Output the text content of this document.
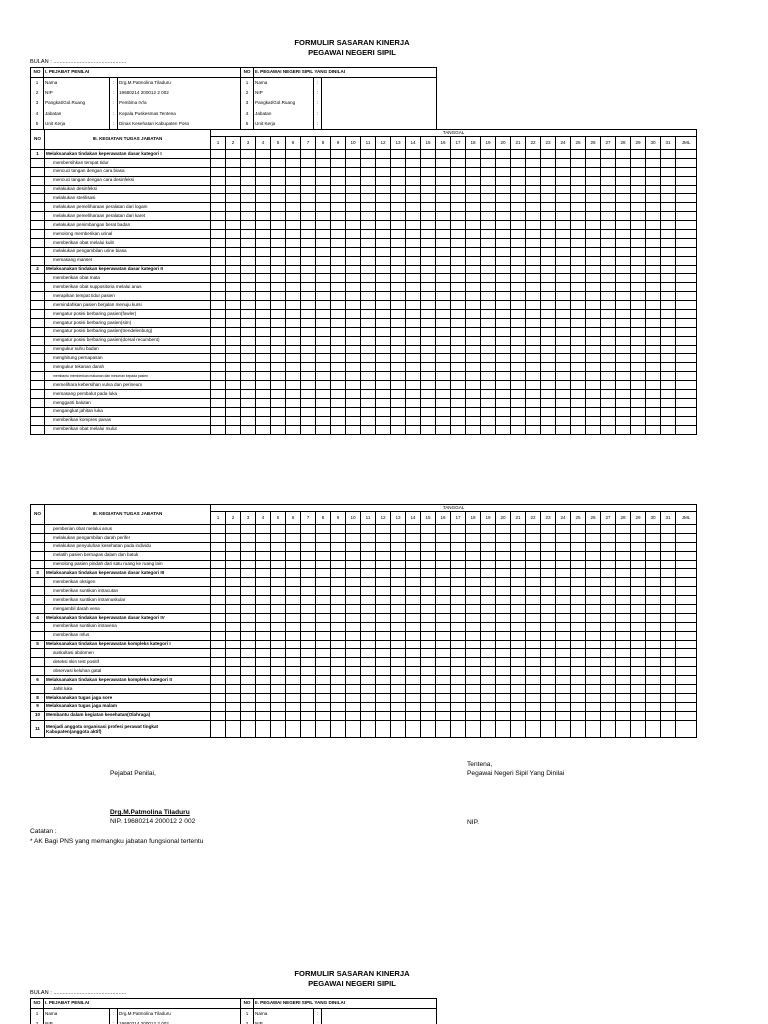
FORMULIR SASARAN KINERJA
PEGAWAI NEGERI SIPIL
BULAN : ...............................................
NO	I. PEJABAT PENILAI			NO	II. PEGAWAI NEGERI SIPIL YANG DINILAI		
1	Nama	:	Drg.M.Patmolina Tiladuru	1	Nama	:	
2	NIP	:	19680214 200012 2 002	2	NIP	:	
3	Pangkat/Gol.Ruang	:	Pembina IV/a	3	Pangkat/Gol.Ruang	:	
4	Jabatan	:	Kepala Puskesmas Tentena	4	Jabatan	:	
5	Unit Kerja	:	Dinas Kesehatan Kabupaten Poso	5	Unit Kerja	:	
NO	III. KEGIATAN TUGAS JABATAN	TANGGAL																															
		1	2	3	4	5	6	7	8	9	10	11	12	13	14	15	16	17	18	19	20	21	22	23	24	25	26	27	28	29	30	31	JML
1	Melaksanakan tindakan keperawatan dasar kategori I																																
	membersihkan tempat tidur																																
	mencuci tangan dengan cara biasa																																
	mencuci tangan dengan cara desinfeksi																																
	melakukan desinfeksi																																
	melakukan sterilisasi																																
	melakukan pemeliharaan peralatan dari logam																																
	melakukan pemeliharaan peralatan dari karet																																
	melakukan penimbangan berat badan																																
	menolong memberikan urinal																																
	memberikan obat melalui kulit																																
	melakukan pengambilan urine biasa																																
	memasang manset																																
2	Melaksanakan tindakan keperawatan dasar kategori II																																
	memberikan obat mata																																
	memberikan obat suppositoria melalui anus																																
	merapikan tempat tidur pasien																																
	memindahkan pasien berjalan menuju kursi																																
	mengatur posisi berbaring pasien(fowler)																																
	mengatur posisi berbaring pasien(sim)																																
	mengatur posisi berbaring pasien(trendelenburg)																																
	mengatur posisi berbaring pasien(dorsal recumbent)																																
	mengukur suhu badan																																
	menghitung pernapasan																																
	mengukur tekanan darah																																
	membantu memberikan makanan dan minuman kepada pasien																																
	memelihara kebersihan vulva dan perineum																																
	memasang pembalut pada luka																																
	mengganti balutan																																
	mengangkat jahitan luka																																
	memberikan kompres panas																																
	memberikan obat melalui mulut																																
NO	III. KEGIATAN TUGAS JABATAN	TANGGAL																															
		1	2	3	4	5	6	7	8	9	10	11	12	13	14	15	16	17	18	19	20	21	22	23	24	25	26	27	28	29	30	31	JML
	pemberian obat melalui anus																																
	melakukan pengambilan darah perifer																																
	melakukan penyuluhan kesehatan pada individu																																
	melatih pasien bernapas dalam dan batuk																																
	menolong pasien pindah dari satu ruang ke ruang lain																																
3	Melaksanakan tindakan keperawatan dasar kategori III																																
	memberikan oksigen																																
	memberikan suntikan intracutan																																
	memberikan suntikan intramuskular																																
	mengambil darah vena																																
4	Melaksanakan tindakan keperawatan dasar kategori IV																																
	memberikan suntikan intravena																																
	memberikan infus																																
5	Melaksanakan tindakan keperawatan kompleks kategori I																																
	auskultasi abdomen																																
	deteksi skin test positif																																
	observasi keluhan gatal																																
6	Melaksanakan tindakan keperawatan kompleks kategori II																																
	Jahit luka																																
8	Melaksanakan tugas jaga sore																																
9	Melaksanakan tugas jaga malam																																
10	Membantu dalam kegiatan kesehatan(Olahraga)																																
11	Menjadi anggota organisasi profesi perawat tingkat
Kabupaten(anggota aktif)																																
Tentena,
Pegawai Negeri Sipil Yang Dinilai
Pejabat Penilai,
Drg.M.Patmolina Tiladuru
NIP. 19680214 200012 2 002	NIP.
Catatan :
* AK Bagi PNS yang memangku jabatan fungsional tertentu
FORMULIR SASARAN KINERJA
PEGAWAI NEGERI SIPIL
BULAN : ...............................................
NO	I. PEJABAT PENILAI			NO	II. PEGAWAI NEGERI SIPIL YANG DINILAI		
1	Nama	:	Drg.M.Patmolina Tiladuru	1	Nama	:	
2	NIP	:	19680214 200012 2 002	2	NIP	:	
